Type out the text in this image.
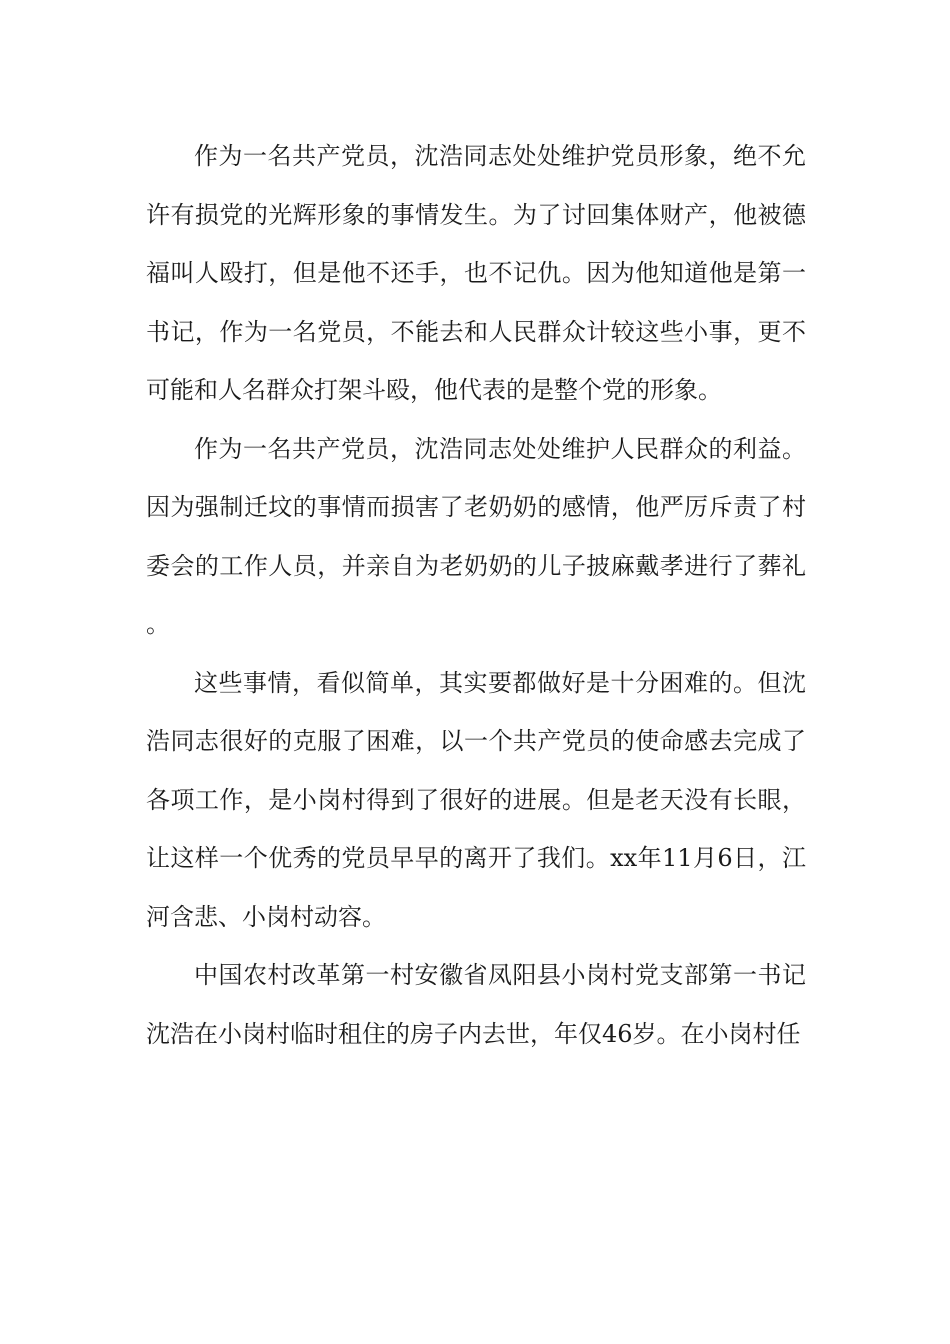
作为一名共产党员，沈浩同志处处维护党员形象，绝不允许有损党的光辉形象的事情发生。为了讨回集体财产，他被德福叫人殴打，但是他不还手，也不记仇。因为他知道他是第一书记，作为一名党员，不能去和人民群众计较这些小事，更不可能和人名群众打架斗殴，他代表的是整个党的形象。

作为一名共产党员，沈浩同志处处维护人民群众的利益。因为强制迁坟的事情而损害了老奶奶的感情，他严厉斥责了村委会的工作人员，并亲自为老奶奶的儿子披麻戴孝进行了葬礼。

这些事情，看似简单，其实要都做好是十分困难的。但沈浩同志很好的克服了困难，以一个共产党员的使命感去完成了各项工作，是小岗村得到了很好的进展。但是老天没有长眼，让这样一个优秀的党员早早的离开了我们。xx年11月6日，江河含悲、小岗村动容。

中国农村改革第一村安徽省凤阳县小岗村党支部第一书记沈浩在小岗村临时租住的房子内去世，年仅46岁。在小岗村任
